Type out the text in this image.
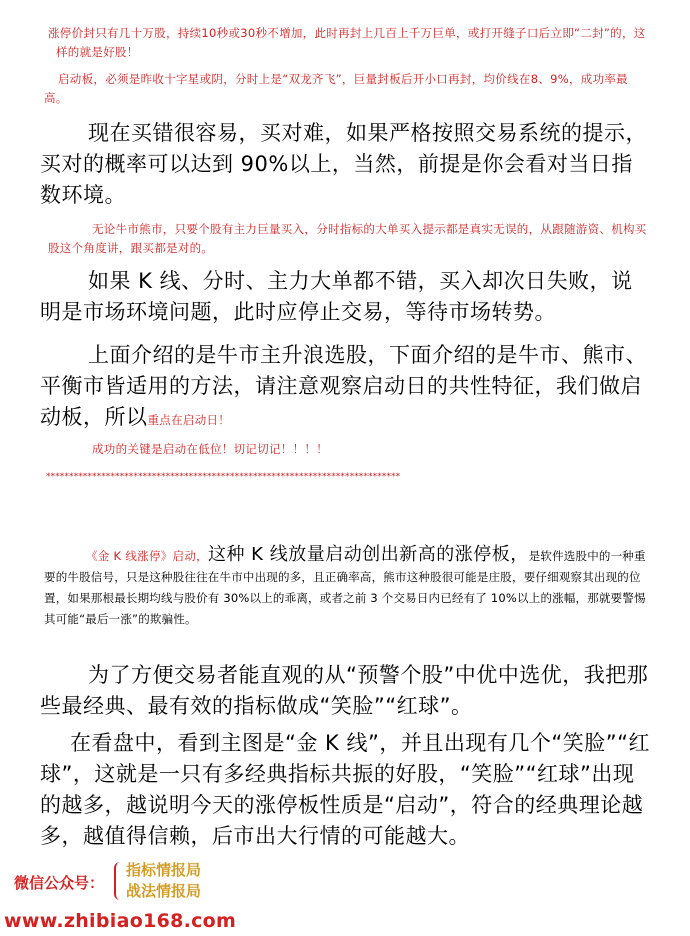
涨停价封只有几十万股，持续10秒或30秒不增加，此时再封上几百上千万巨单，或打开缝子口后立即“二封”的，这样的就是好股！

启动板，必须是昨收十字星或阴，分时上是“双龙齐飞”，巨量封板后开小口再封，均价线在8、9%，成功率最高。

现在买错很容易，买对难，如果严格按照交易系统的提示，买对的概率可以达到 90%以上，当然，前提是你会看对当日指数环境。

无论牛市熊市，只要个股有主力巨量买入，分时指标的大单买入提示都是真实无误的，从跟随游资、机构买股这个角度讲，跟买都是对的。

如果 K 线、分时、主力大单都不错，买入却次日失败，说明是市场环境问题，此时应停止交易，等待市场转势。

上面介绍的是牛市主升浪选股，下面介绍的是牛市、熊市、平衡市皆适用的方法，请注意观察启动日的共性特征，我们做启动板，所以重点在启动日！

成功的关键是启动在低位！切记切记！！！！

*****************************************************************************

《金 K 线涨停》启动，这种 K 线放量启动创出新高的涨停板，是软件选股中的一种重要的牛股信号，只是这种股往往在牛市中出现的多，且正确率高，熊市这种股很可能是庄股，要仔细观察其出现的位置，如果那根最长期均线与股价有 30%以上的乖离，或者之前 3 个交易日内已经有了 10%以上的涨幅，那就要警惕其可能“最后一涨”的欺骗性。

为了方便交易者能直观的从“预警个股”中优中选优，我把那些最经典、最有效的指标做成“笑脸”“红球”。

在看盘中，看到主图是“金 K 线”，并且出现有几个“笑脸”“红球”，这就是一只有多经典指标共振的好股，“笑脸”“红球”出现的越多，越说明今天的涨停板性质是“启动”，符合的经典理论越多，越值得信赖，后市出大行情的可能越大。

微信公众号：
指标情报局
战法情报局
www.zhibiao168.com
